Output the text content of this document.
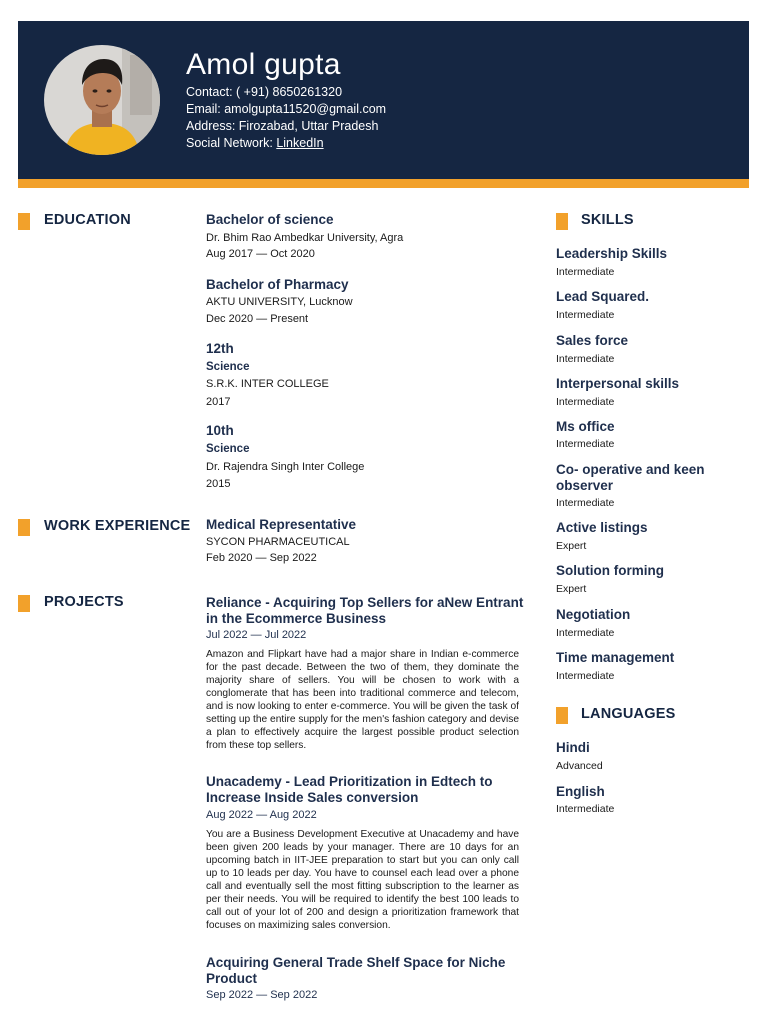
Amol gupta
Contact: ( +91) 8650261320
Email: amolgupta11520@gmail.com
Address: Firozabad, Uttar Pradesh
Social Network: LinkedIn
EDUCATION	Bachelor of science
Dr. Bhim Rao Ambedkar University, Agra
Aug 2017 — Oct 2020
Bachelor of Pharmacy
AKTU UNIVERSITY, Lucknow
Dec 2020 — Present
12th
Science
S.R.K. INTER COLLEGE
2017
10th
Science
Dr. Rajendra Singh Inter College
2015
WORK EXPERIENCE Medical Representative
SYCON PHARMACEUTICAL
Feb 2020 — Sep 2022
PROJECTS	Reliance - Acquiring Top Sellers for aNew Entrant in the Ecommerce Business
Jul 2022 — Jul 2022
Amazon and Flipkart have had a major share in Indian e-commerce for the past decade. Between the two of them, they dominate the majority share of sellers. You will be chosen to work with a conglomerate that has been into traditional commerce and telecom, and is now looking to enter e-commerce. You will be given the task of setting up the entire supply for the men's fashion category and devise a plan to effectively acquire the largest possible product selection from these top sellers.
Unacademy - Lead Prioritization in Edtech to Increase Inside Sales conversion
Aug 2022 — Aug 2022
You are a Business Development Executive at Unacademy and have been given 200 leads by your manager. There are 10 days for an upcoming batch in IIT-JEE preparation to start but you can only call up to 10 leads per day. You have to counsel each lead over a phone call and eventually sell the most fitting subscription to the learner as per their needs. You will be required to identify the best 100 leads to call out of your lot of 200 and design a prioritization framework that focuses on maximizing sales conversion.
Acquiring General Trade Shelf Space for Niche Product
Sep 2022 — Sep 2022
SKILLS
Leadership Skills
Intermediate
Lead Squared.
Intermediate
Sales force
Intermediate
Interpersonal skills
Intermediate
Ms office
Intermediate
Co- operative and keen observer
Intermediate
Active listings
Expert
Solution forming
Expert
Negotiation
Intermediate
Time management
Intermediate
LANGUAGES
Hindi
Advanced
English
Intermediate
